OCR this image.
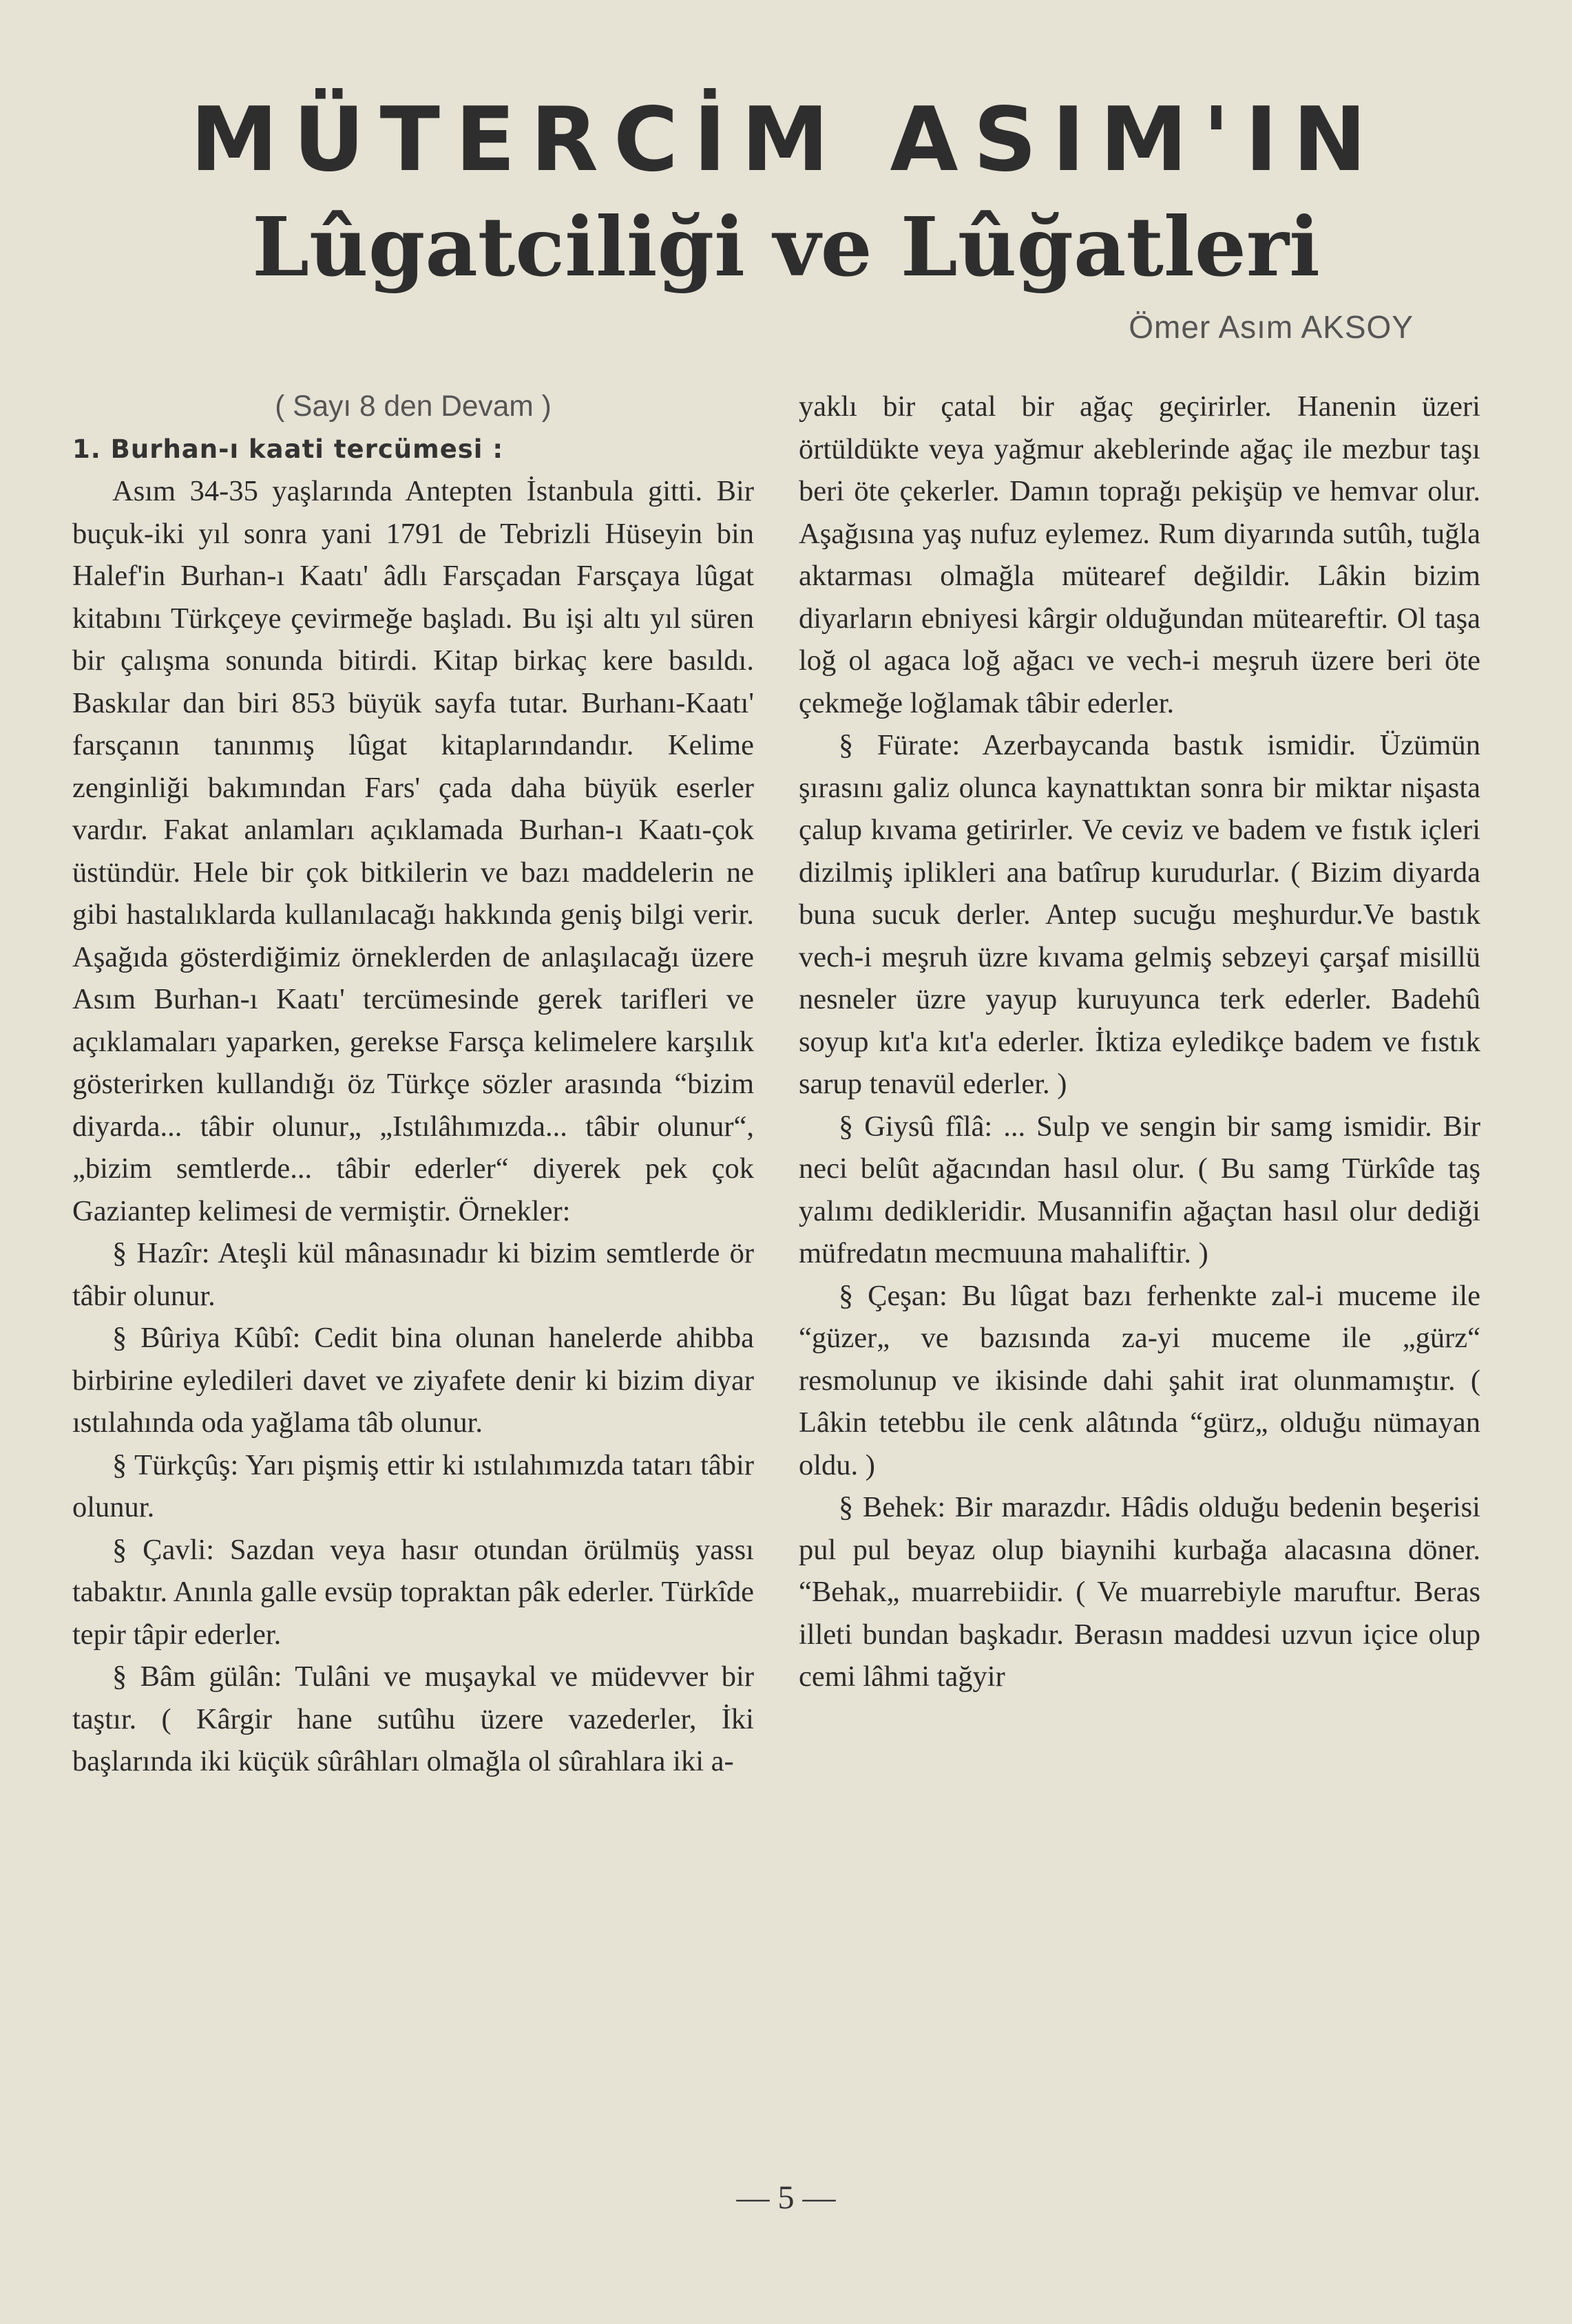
MÜTERCİM ASIM'IN
Lûgatciliği ve Lûğatleri
Ömer Asım AKSOY

( Sayı 8 den Devam )

1. Burhan-ı kaati tercümesi :

Asım 34-35 yaşlarında Antepten İstanbula gitti. Bir buçuk-iki yıl sonra yani 1791 de Tebrizli Hüseyin bin Halef'in Burhan-ı Kaatı' âdlı Farsçadan Farsçaya lûgat kitabını Türkçeye çevirmeğe başladı. Bu işi altı yıl süren bir çalışma sonunda bitirdi. Kitap birkaç kere basıldı. Baskılar dan biri 853 büyük sayfa tutar. Burhanı-Kaatı' farsçanın tanınmış lûgat kitaplarındandır. Kelime zenginliği bakımından Fars' çada daha büyük eserler vardır. Fakat anlamları açıklamada Burhan-ı Kaatı-çok üstündür. Hele bir çok bitkilerin ve bazı maddelerin ne gibi hastalıklarda kullanılacağı hakkında geniş bilgi verir. Aşağıda gösterdiğimiz örneklerden de anlaşılacağı üzere Asım Burhan-ı Kaatı' tercümesinde gerek tarifleri ve açıklamaları yaparken, gerekse Farsça kelimelere karşılık gösterirken kullandığı öz Türkçe sözler arasında “bizim diyarda... tâbir olunur„ „Istılâhımızda... tâbir olunur“, „bizim semtlerde... tâbir ederler“ diyerek pek çok Gaziantep kelimesi de vermiştir. Örnekler:

§ Hazîr: Ateşli kül mânasınadır ki bizim semtlerde ör tâbir olunur.

§ Bûriya Kûbî: Cedit bina olunan hanelerde ahibba birbirine eyledileri davet ve ziyafete denir ki bizim diyar ıstılahında oda yağlama tâb olunur.

§ Türkçûş: Yarı pişmiş ettir ki ıstılahımızda tatarı tâbir olunur.

§ Çavli: Sazdan veya hasır otundan örülmüş yassı tabaktır. Anınla galle evsüp topraktan pâk ederler. Türkîde tepir tâpir ederler.

§ Bâm gülân: Tulâni ve muşaykal ve müdevver bir taştır. ( Kârgir hane sutûhu üzere vazederler, İki başlarında iki küçük sûrâhları olmağla ol sûrahlara iki a-

yaklı bir çatal bir ağaç geçirirler. Hanenin üzeri örtüldükte veya yağmur akeblerinde ağaç ile mezbur taşı beri öte çekerler. Damın toprağı pekişüp ve hemvar olur. Aşağısına yaş nufuz eylemez. Rum diyarında sutûh, tuğla aktarması olmağla mütearef değildir. Lâkin bizim diyarların ebniyesi kârgir olduğundan müteareftir. Ol taşa loğ ol agaca loğ ağacı ve vech-i meşruh üzere beri öte çekmeğe loğlamak tâbir ederler.

§ Fürate: Azerbaycanda bastık ismidir. Üzümün şırasını galiz olunca kaynattıktan sonra bir miktar nişasta çalup kıvama getirirler. Ve ceviz ve badem ve fıstık içleri dizilmiş iplikleri ana batîrup kurudurlar. ( Bizim diyarda buna sucuk derler. Antep sucuğu meşhurdur.Ve bastık vech-i meşruh üzre kıvama gelmiş sebzeyi çarşaf misillü nesneler üzre yayup kuruyunca terk ederler. Badehû soyup kıt'a kıt'a ederler. İktiza eyledikçe badem ve fıstık sarup tenavül ederler. )

§ Giysû fîlâ: ... Sulp ve sengin bir samg ismidir. Bir neci belût ağacından hasıl olur. ( Bu samg Türkîde taş yalımı dedikleridir. Musannifin ağaçtan hasıl olur dediği müfredatın mecmuuna mahaliftir. )

§ Çeşan: Bu lûgat bazı ferhenkte zal-i muceme ile “güzer„ ve bazısında za-yi muceme ile „gürz“ resmolunup ve ikisinde dahi şahit irat olunmamıştır. ( Lâkin tetebbu ile cenk alâtında “gürz„ olduğu nümayan oldu. )

§ Behek: Bir marazdır. Hâdis olduğu bedenin beşerisi pul pul beyaz olup biaynihi kurbağa alacasına döner. “Behak„ muarrebiidir. ( Ve muarrebiyle maruftur. Beras illeti bundan başkadır. Berasın maddesi uzvun içice olup cemi lâhmi tağyir

— 5 —
